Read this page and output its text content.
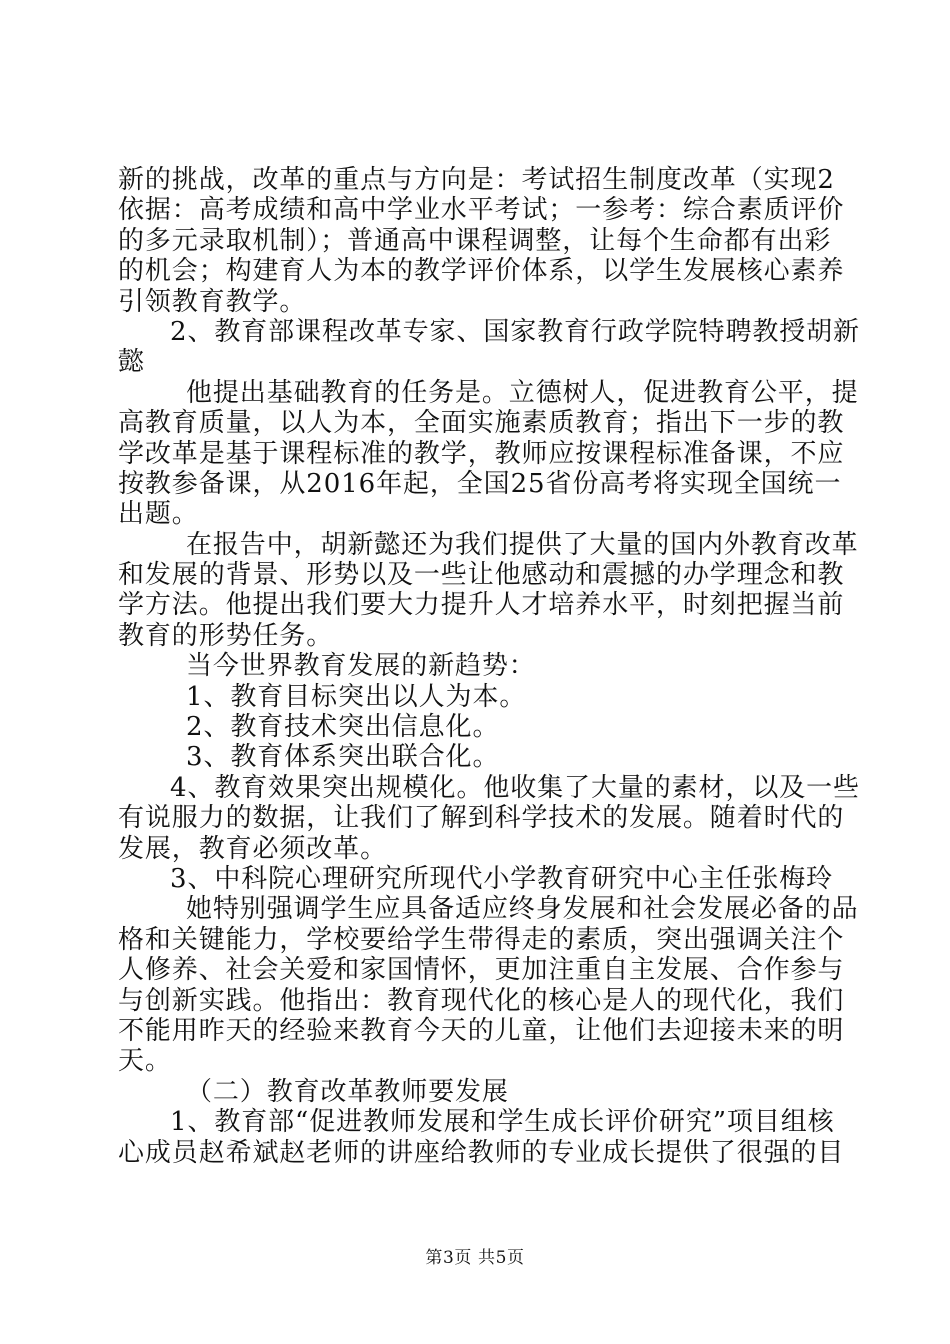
新的挑战，改革的重点与方向是：考试招生制度改革（实现2
依据：高考成绩和高中学业水平考试；一参考：综合素质评价
的多元录取机制）；普通高中课程调整，让每个生命都有出彩
的机会；构建育人为本的教学评价体系，以学生发展核心素养
引领教育教学。
2、教育部课程改革专家、国家教育行政学院特聘教授胡新
懿
他提出基础教育的任务是。立德树人，促进教育公平，提
高教育质量，以人为本，全面实施素质教育；指出下一步的教
学改革是基于课程标准的教学，教师应按课程标准备课，不应
按教参备课，从2016年起，全国25省份高考将实现全国统一
出题。
在报告中，胡新懿还为我们提供了大量的国内外教育改革
和发展的背景、形势以及一些让他感动和震撼的办学理念和教
学方法。他提出我们要大力提升人才培养水平，时刻把握当前
教育的形势任务。
当今世界教育发展的新趋势：
1、教育目标突出以人为本。
2、教育技术突出信息化。
3、教育体系突出联合化。
4、教育效果突出规模化。他收集了大量的素材，以及一些
有说服力的数据，让我们了解到科学技术的发展。随着时代的
发展，教育必须改革。
3、中科院心理研究所现代小学教育研究中心主任张梅玲
她特别强调学生应具备适应终身发展和社会发展必备的品
格和关键能力，学校要给学生带得走的素质，突出强调关注个
人修养、社会关爱和家国情怀，更加注重自主发展、合作参与
与创新实践。他指出：教育现代化的核心是人的现代化，我们
不能用昨天的经验来教育今天的儿童，让他们去迎接未来的明
天。
（二）教育改革教师要发展
1、教育部“促进教师发展和学生成长评价研究”项目组核
心成员赵希斌赵老师的讲座给教师的专业成长提供了很强的目
第3页 共5页
